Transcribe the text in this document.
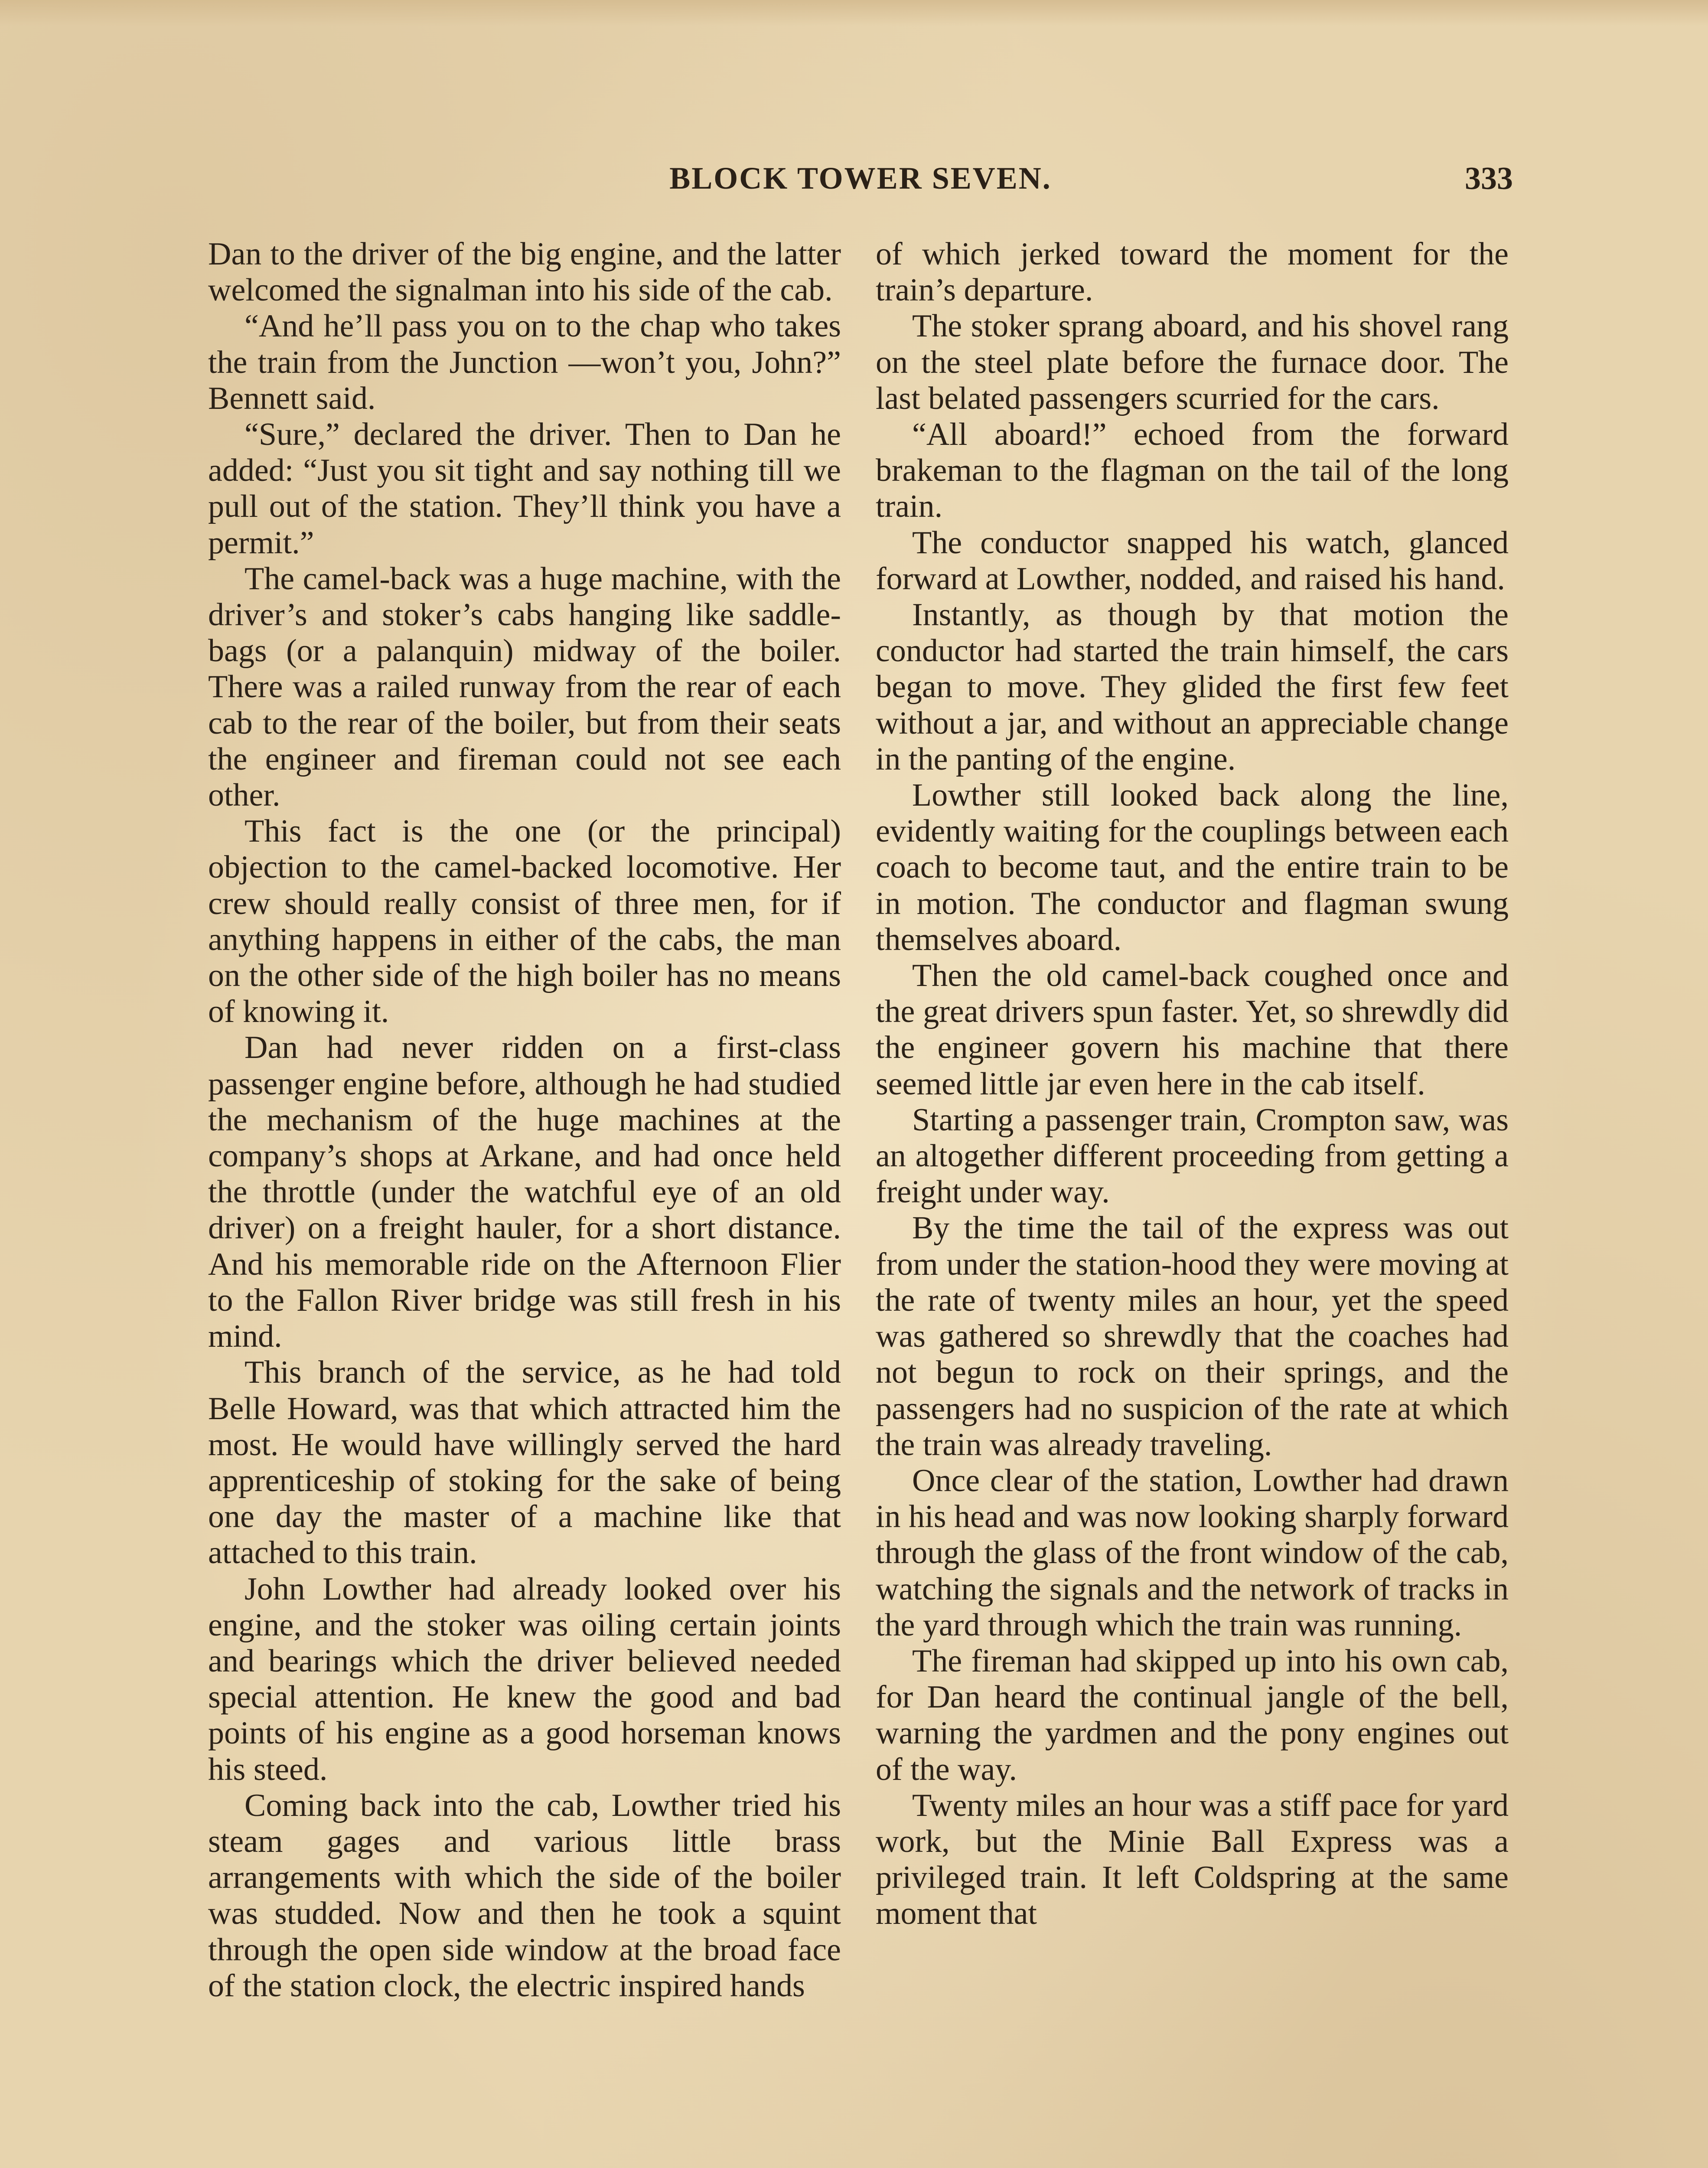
BLOCK TOWER SEVEN.	333

Dan to the driver of the big engine, and the latter welcomed the signalman into his side of the cab.

“And he’ll pass you on to the chap who takes the train from the Junction —won’t you, John?” Bennett said.

“Sure,” declared the driver. Then to Dan he added: “Just you sit tight and say nothing till we pull out of the station. They’ll think you have a permit.”

The camel-back was a huge machine, with the driver’s and stoker’s cabs hanging like saddle-bags (or a palanquin) midway of the boiler. There was a railed runway from the rear of each cab to the rear of the boiler, but from their seats the engineer and fireman could not see each other.

This fact is the one (or the principal) objection to the camel-backed locomotive. Her crew should really consist of three men, for if anything happens in either of the cabs, the man on the other side of the high boiler has no means of knowing it.

Dan had never ridden on a first-class passenger engine before, although he had studied the mechanism of the huge machines at the company’s shops at Arkane, and had once held the throttle (under the watchful eye of an old driver) on a freight hauler, for a short distance. And his memorable ride on the Afternoon Flier to the Fallon River bridge was still fresh in his mind.

This branch of the service, as he had told Belle Howard, was that which attracted him the most. He would have willingly served the hard apprenticeship of stoking for the sake of being one day the master of a machine like that attached to this train.

John Lowther had already looked over his engine, and the stoker was oiling certain joints and bearings which the driver believed needed special attention. He knew the good and bad points of his engine as a good horseman knows his steed.

Coming back into the cab, Lowther tried his steam gages and various little brass arrangements with which the side of the boiler was studded. Now and then he took a squint through the open side window at the broad face of the station clock, the electric inspired hands

of which jerked toward the moment for the train’s departure.

The stoker sprang aboard, and his shovel rang on the steel plate before the furnace door. The last belated passengers scurried for the cars.

“All aboard!” echoed from the forward brakeman to the flagman on the tail of the long train.

The conductor snapped his watch, glanced forward at Lowther, nodded, and raised his hand.

Instantly, as though by that motion the conductor had started the train himself, the cars began to move. They glided the first few feet without a jar, and without an appreciable change in the panting of the engine.

Lowther still looked back along the line, evidently waiting for the couplings between each coach to become taut, and the entire train to be in motion. The conductor and flagman swung themselves aboard.

Then the old camel-back coughed once and the great drivers spun faster. Yet, so shrewdly did the engineer govern his machine that there seemed little jar even here in the cab itself.

Starting a passenger train, Crompton saw, was an altogether different proceeding from getting a freight under way.

By the time the tail of the express was out from under the station-hood they were moving at the rate of twenty miles an hour, yet the speed was gathered so shrewdly that the coaches had not begun to rock on their springs, and the passengers had no suspicion of the rate at which the train was already traveling.

Once clear of the station, Lowther had drawn in his head and was now looking sharply forward through the glass of the front window of the cab, watching the signals and the network of tracks in the yard through which the train was running.

The fireman had skipped up into his own cab, for Dan heard the continual jangle of the bell, warning the yardmen and the pony engines out of the way.

Twenty miles an hour was a stiff pace for yard work, but the Minie Ball Express was a privileged train. It left Coldspring at the same moment that
